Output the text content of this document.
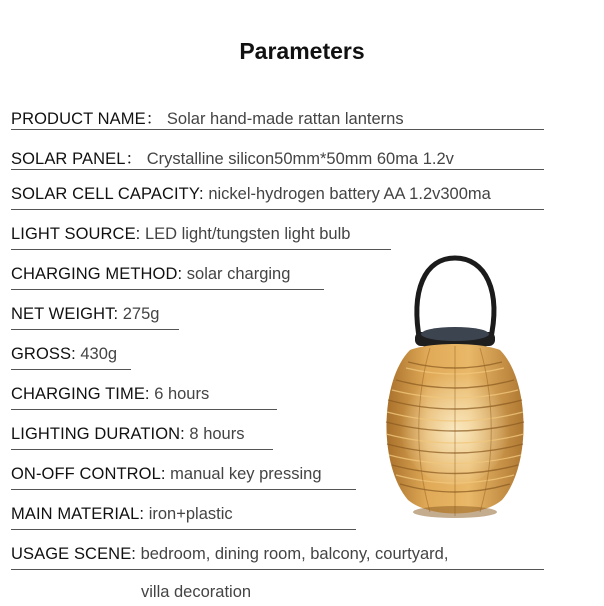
Parameters
PRODUCT NAME： Solar hand-made rattan lanterns
SOLAR PANEL： Crystalline silicon50mm*50mm 60ma 1.2v
SOLAR CELL CAPACITY: nickel-hydrogen battery AA 1.2v300ma
LIGHT SOURCE: LED light/tungsten light bulb
CHARGING METHOD: solar charging
NET WEIGHT: 275g
GROSS: 430g
CHARGING TIME: 6 hours
LIGHTING DURATION: 8 hours
ON-OFF CONTROL: manual key pressing
MAIN MATERIAL: iron+plastic
USAGE SCENE: bedroom, dining room, balcony, courtyard,
villa decoration
